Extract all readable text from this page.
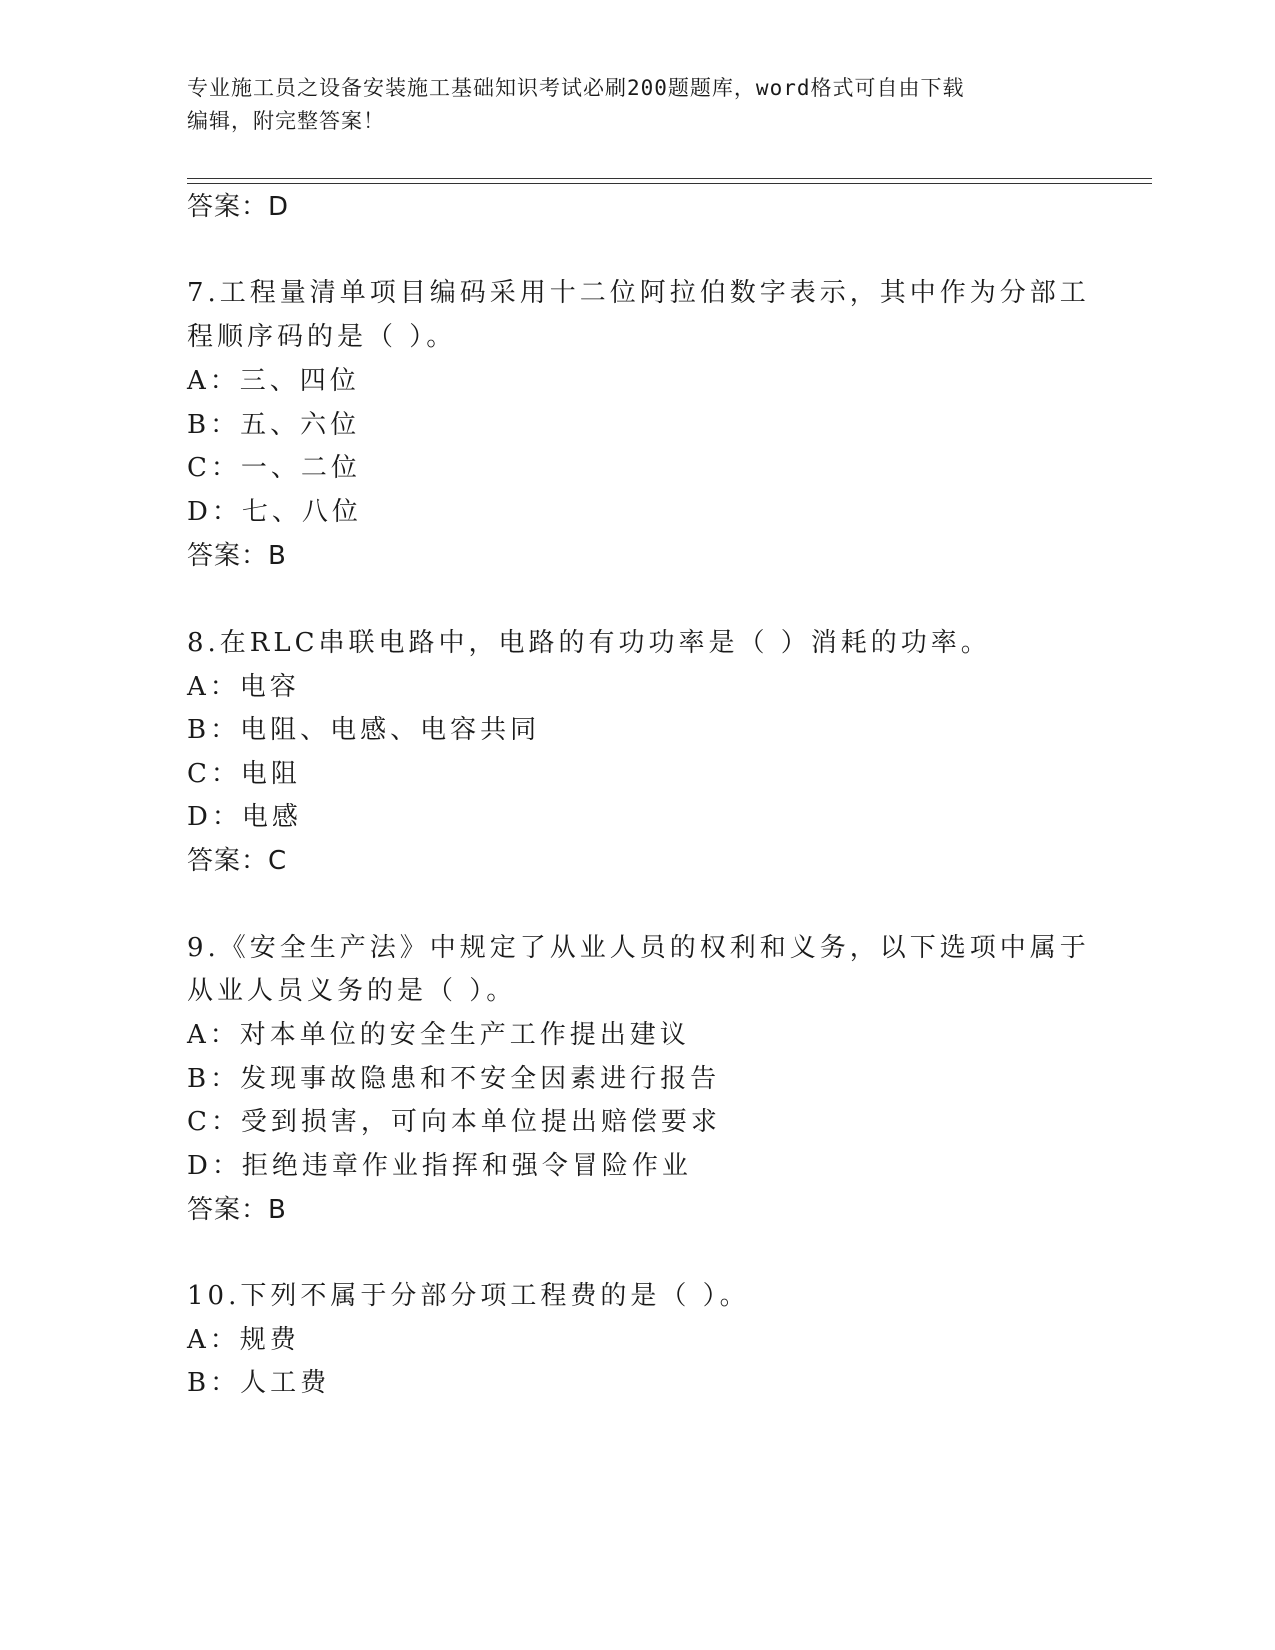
专业施工员之设备安装施工基础知识考试必刷200题题库，word格式可自由下载
编辑，附完整答案！
答案：D
7.工程量清单项目编码采用十二位阿拉伯数字表示，其中作为分部工
程顺序码的是（ ）。
A：三、四位
B：五、六位
C：一、二位
D：七、八位
答案：B
8.在RLC串联电路中，电路的有功功率是（ ）消耗的功率。
A：电容
B：电阻、电感、电容共同
C：电阻
D：电感
答案：C
9.《安全生产法》中规定了从业人员的权利和义务，以下选项中属于
从业人员义务的是（ ）。
A：对本单位的安全生产工作提出建议
B：发现事故隐患和不安全因素进行报告
C：受到损害，可向本单位提出赔偿要求
D：拒绝违章作业指挥和强令冒险作业
答案：B
10.下列不属于分部分项工程费的是（ ）。
A：规费
B：人工费
